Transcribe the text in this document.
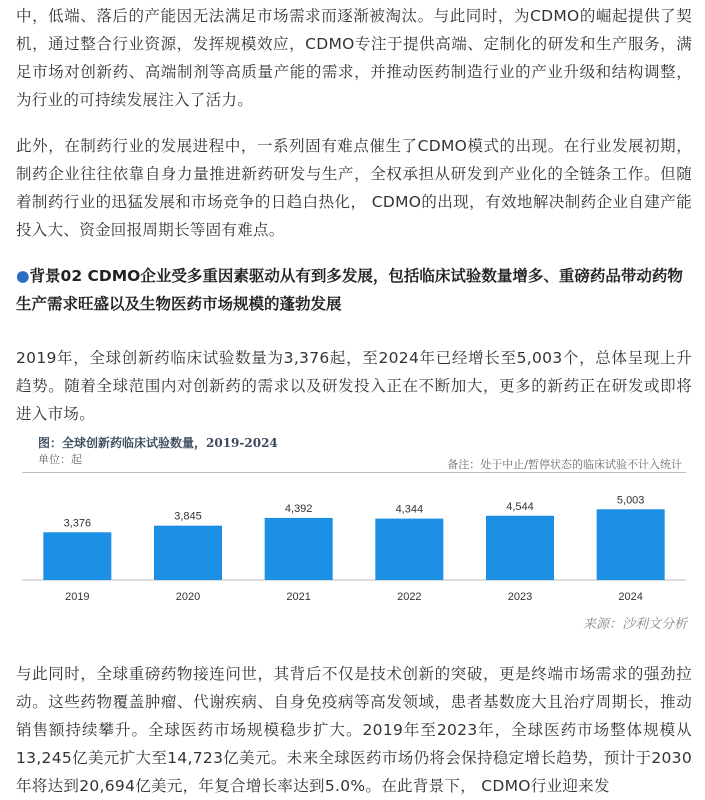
中，低端、落后的产能因无法满足市场需求而逐渐被淘汰。与此同时，为CDMO的崛起提供了契机，通过整合行业资源，发挥规模效应，CDMO专注于提供高端、定制化的研发和生产服务，满足市场对创新药、高端制剂等高质量产能的需求，并推动医药制造行业的产业升级和结构调整，为行业的可持续发展注入了活力。

此外，在制药行业的发展进程中，一系列固有难点催生了CDMO模式的出现。在行业发展初期，制药企业往往依靠自身力量推进新药研发与生产，全权承担从研发到产业化的全链条工作。但随着制药行业的迅猛发展和市场竞争的日趋白热化， CDMO的出现，有效地解决制药企业自建产能投入大、资金回报周期长等固有难点。

●背景02 CDMO企业受多重因素驱动从有到多发展，包括临床试验数量增多、重磅药品带动药物生产需求旺盛以及生物医药市场规模的蓬勃发展

2019年，全球创新药临床试验数量为3,376起，至2024年已经增长至5,003个，总体呈现上升趋势。随着全球范围内对创新药的需求以及研发投入正在不断加大，更多的新药正在研发或即将进入市场。

图：全球创新药临床试验数量，2019-2024
单位：起	备注：处于中止/暂停状态的临床试验不计入统计
3,376
2019
3,845
2020
4,392
2021
4,344
2022
4,544
2023
5,003
2024
来源：沙利文分析

与此同时，全球重磅药物接连问世，其背后不仅是技术创新的突破，更是终端市场需求的强劲拉动。这些药物覆盖肿瘤、代谢疾病、自身免疫病等高发领域，患者基数庞大且治疗周期长，推动销售额持续攀升。全球医药市场规模稳步扩大。2019年至2023年，全球医药市场整体规模从13,245亿美元扩大至14,723亿美元。未来全球医药市场仍将会保持稳定增长趋势，预计于2030年将达到20,694亿美元，年复合增长率达到5.0%。在此背景下， CDMO行业迎来发
